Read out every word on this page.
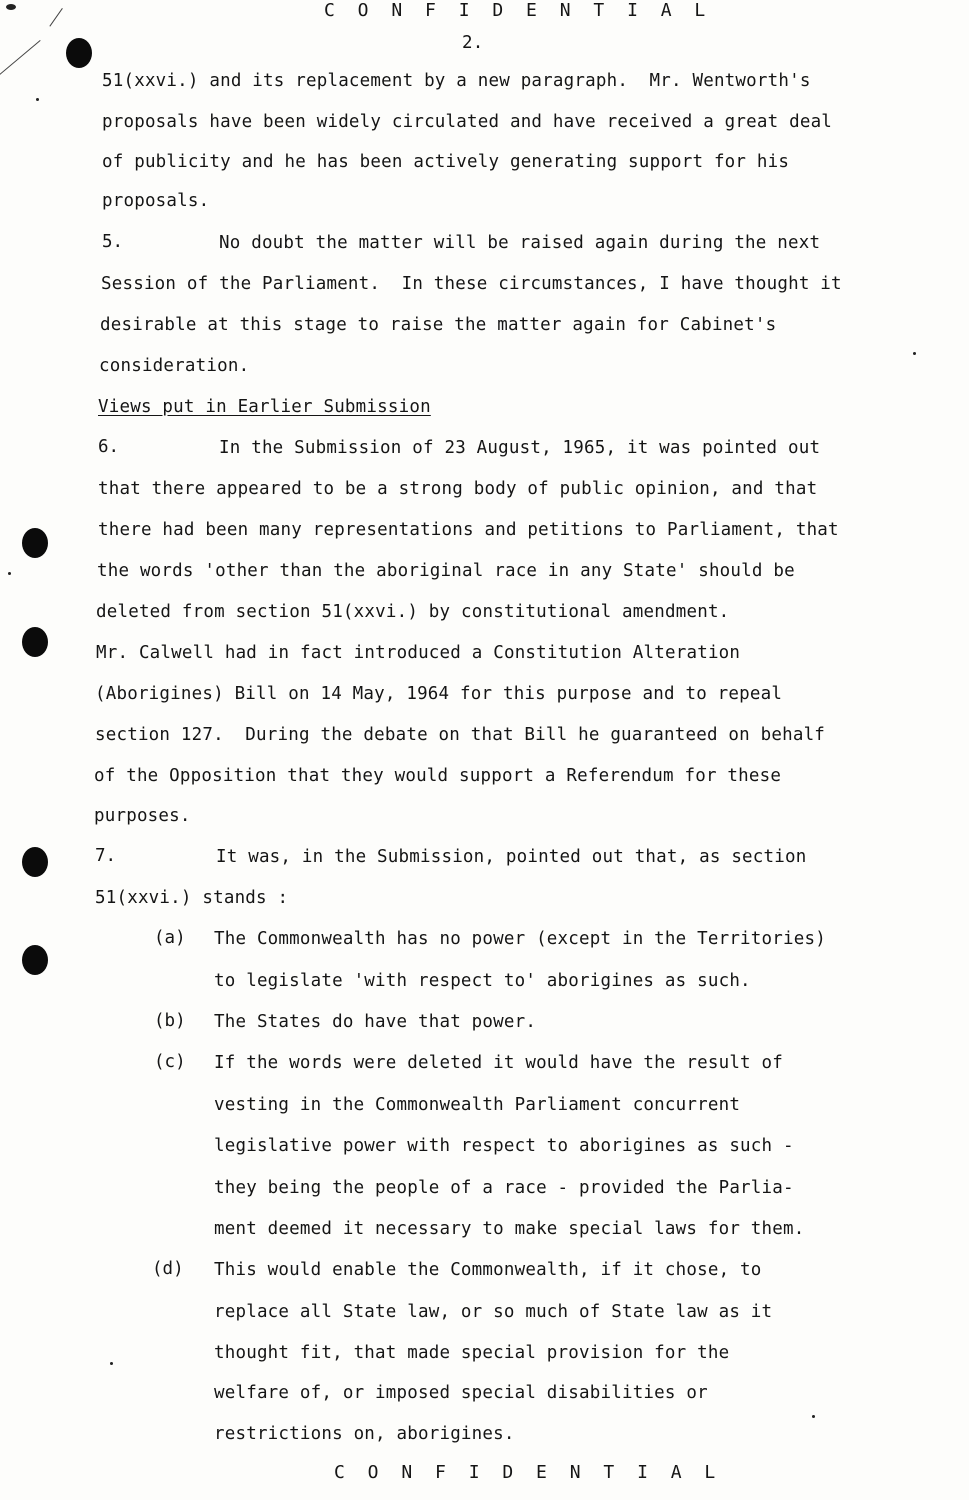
C O N F I D E N T I A L
2.
51(xxvi.) and its replacement by a new paragraph.  Mr. Wentworth's
proposals have been widely circulated and have received a great deal
of publicity and he has been actively generating support for his
proposals.
5.	No doubt the matter will be raised again during the next
Session of the Parliament.  In these circumstances, I have thought it
desirable at this stage to raise the matter again for Cabinet's
consideration.
Views put in Earlier Submission
6.	In the Submission of 23 August, 1965, it was pointed out
that there appeared to be a strong body of public opinion, and that
there had been many representations and petitions to Parliament, that
the words 'other than the aboriginal race in any State' should be
deleted from section 51(xxvi.) by constitutional amendment.
Mr. Calwell had in fact introduced a Constitution Alteration
(Aborigines) Bill on 14 May, 1964 for this purpose and to repeal
section 127.  During the debate on that Bill he guaranteed on behalf
of the Opposition that they would support a Referendum for these
purposes.
7.	It was, in the Submission, pointed out that, as section
51(xxvi.) stands :
(a) The Commonwealth has no power (except in the Territories)
to legislate 'with respect to' aborigines as such.
(b) The States do have that power.
(c) If the words were deleted it would have the result of
vesting in the Commonwealth Parliament concurrent
legislative power with respect to aborigines as such -
they being the people of a race - provided the Parlia-
ment deemed it necessary to make special laws for them.
(d) This would enable the Commonwealth, if it chose, to
replace all State law, or so much of State law as it
thought fit, that made special provision for the
welfare of, or imposed special disabilities or
restrictions on, aborigines.
C O N F I D E N T I A L
